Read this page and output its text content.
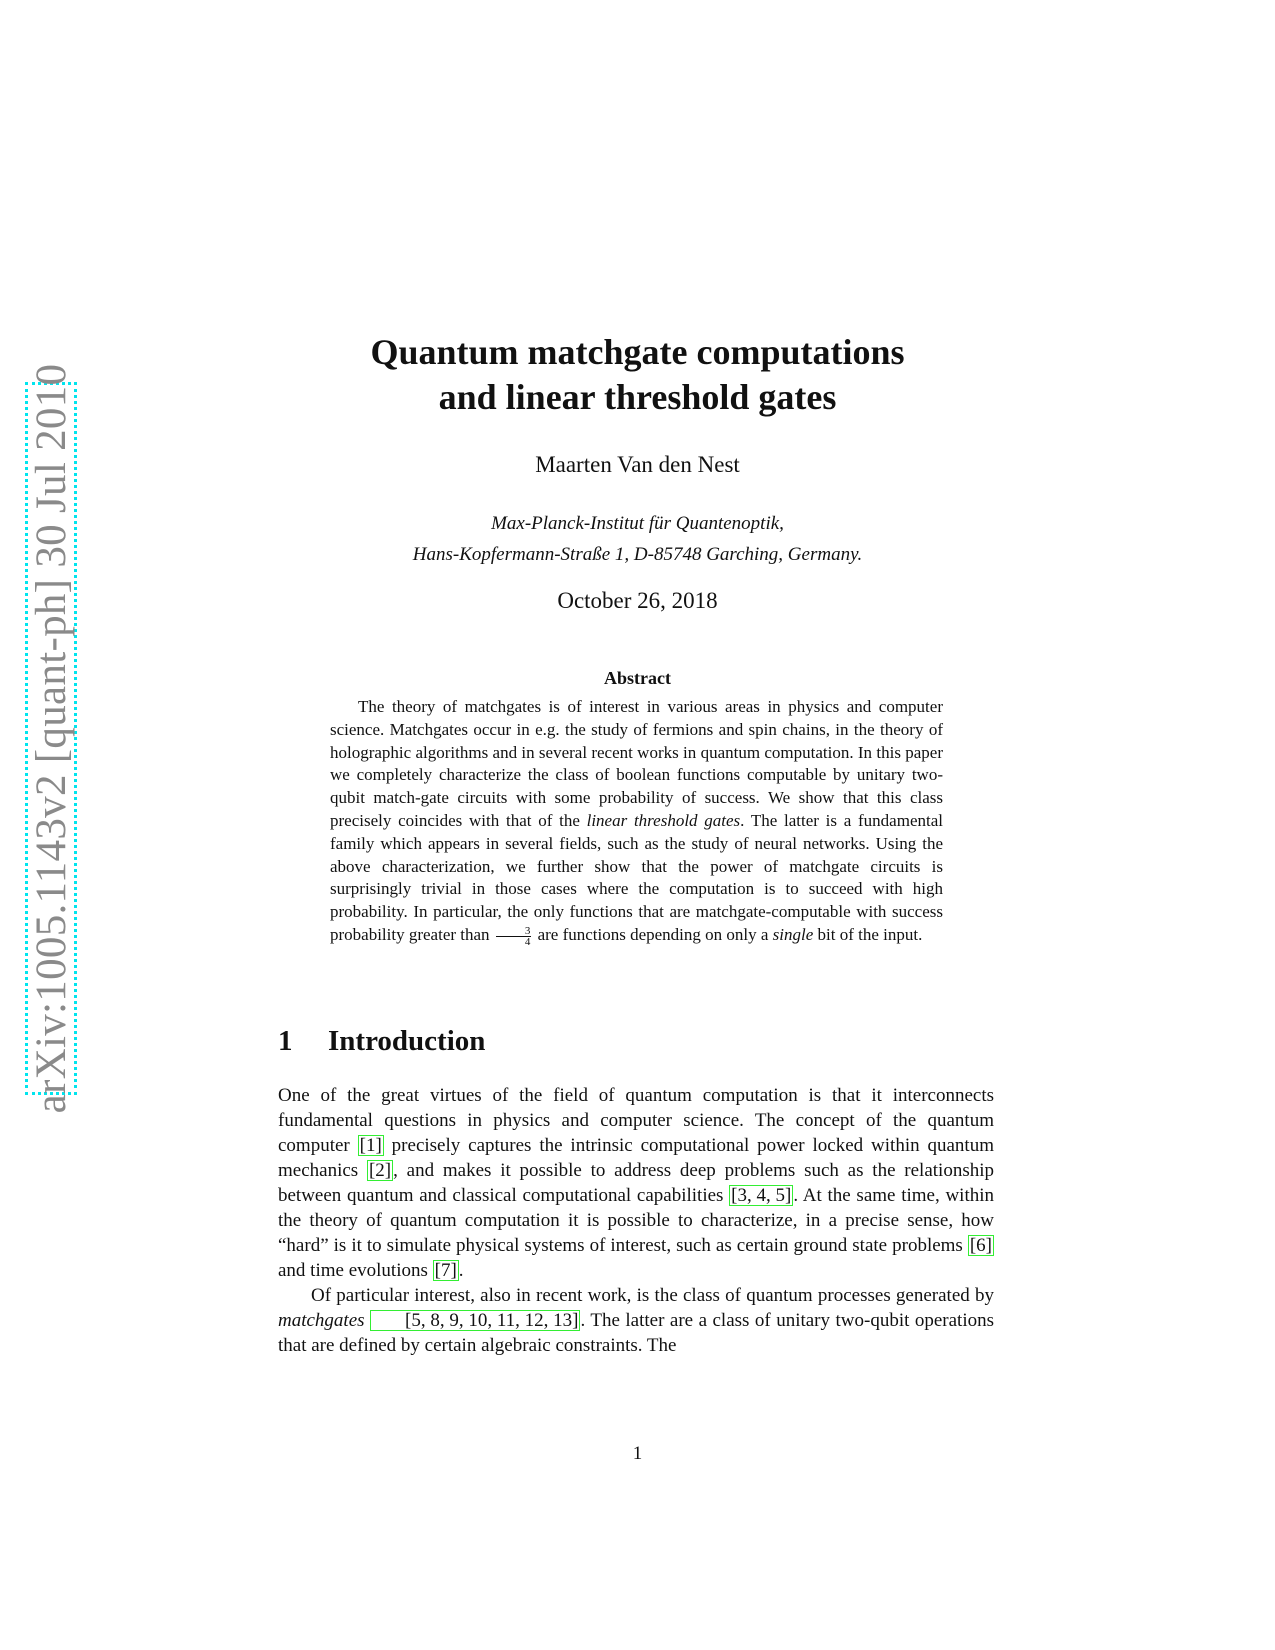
arXiv:1005.1143v2 [quant-ph] 30 Jul 2010
Quantum matchgate computations
and linear threshold gates
Maarten Van den Nest
Max-Planck-Institut für Quantenoptik,
Hans-Kopfermann-Straße 1, D-85748 Garching, Germany.
October 26, 2018
Abstract
The theory of matchgates is of interest in various areas in physics and computer science. Matchgates occur in e.g. the study of fermions and spin chains, in the theory of holographic algorithms and in several recent works in quantum computation. In this paper we completely characterize the class of boolean functions computable by unitary two-qubit match-gate circuits with some probability of success. We show that this class precisely coincides with that of the linear threshold gates. The latter is a fundamental family which appears in several fields, such as the study of neural networks. Using the above characterization, we further show that the power of matchgate circuits is surprisingly trivial in those cases where the computation is to succeed with high probability. In particular, the only functions that are matchgate-computable with success probability greater than $\frac{3}{4}$ are functions depending on only a single bit of the input.
1 Introduction

One of the great virtues of the field of quantum computation is that it interconnects fundamental questions in physics and computer science. The concept of the quantum computer [1] precisely captures the intrinsic computational power locked within quantum mechanics [2] , and makes it possible to address deep problems such as the relationship between quantum and classical computational capabilities [3, 4, 5] . At the same time, within the theory of quantum computation it is possible to characterize, in a precise sense, how “hard” is it to simulate physical systems of interest, such as certain ground state problems [6] and time evolutions [7] .

Of particular interest, also in recent work, is the class of quantum processes generated by matchgates [5, 8, 9, 10, 11, 12, 13] . The latter are a class of unitary two-qubit operations that are defined by certain algebraic constraints. The

1
